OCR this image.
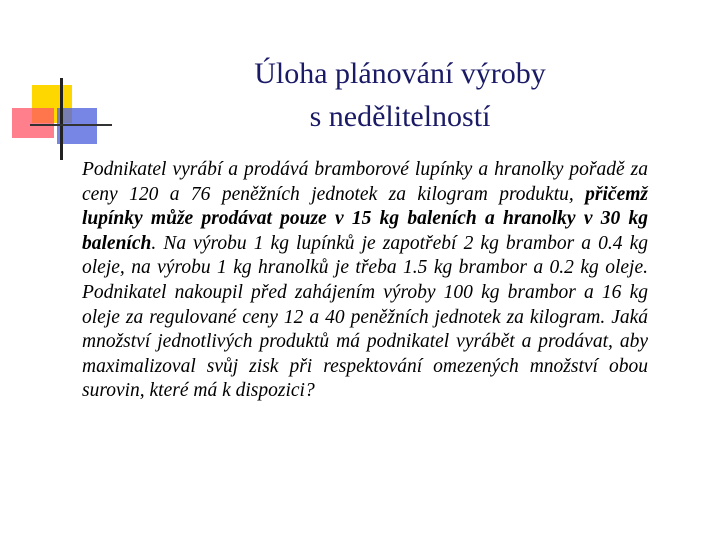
Úloha plánování výroby
s nedělitelností
Podnikatel vyrábí a prodává bramborové lupínky a hranolky pořadě za ceny 120 a 76 peněžních jednotek za kilogram produktu, přičemž lupínky může prodávat pouze v 15 kg baleních a hranolky v 30 kg baleních. Na výrobu 1 kg lupínků je zapotřebí 2 kg brambor a 0.4 kg oleje, na výrobu 1 kg hranolků je třeba 1.5 kg brambor a 0.2 kg oleje. Podnikatel nakoupil před zahájením výroby 100 kg brambor a 16 kg oleje za regulované ceny 12 a 40 peněžních jednotek za kilogram. Jaká množství jednotlivých produktů má podnikatel vyrábět a prodávat, aby maximalizoval svůj zisk při respektování omezených množství obou surovin, které má k dispozici?
